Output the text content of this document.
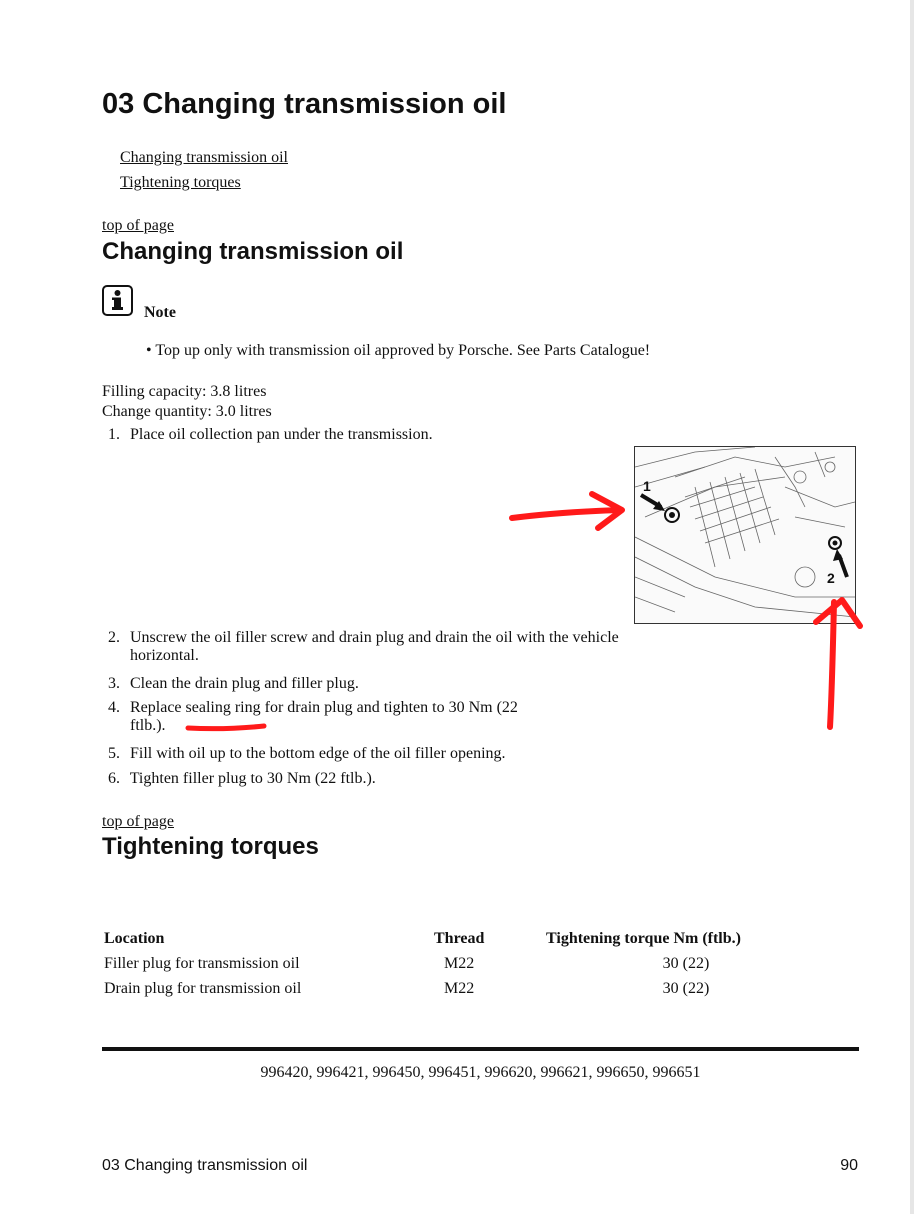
03 Changing transmission oil
Changing transmission oil
Tightening torques
top of page
Changing transmission oil
Note
• Top up only with transmission oil approved by Porsche. See Parts Catalogue!
Filling capacity: 3.8 litres
Change quantity: 3.0 litres
1. Place oil collection pan under the transmission.
1
2
2. Unscrew the oil filler screw and drain plug and drain the oil with the vehicle
horizontal.
3. Clean the drain plug and filler plug.
4. Replace sealing ring for drain plug and tighten to 30 Nm (22
ftlb.).
5. Fill with oil up to the bottom edge of the oil filler opening.
6. Tighten filler plug to 30 Nm (22 ftlb.).
top of page
Tightening torques
Location	Thread	Tightening torque Nm (ftlb.)
Filler plug for transmission oil	M22	30 (22)
Drain plug for transmission oil	M22	30 (22)
996420, 996421, 996450, 996451, 996620, 996621, 996650, 996651
03 Changing transmission oil	90
